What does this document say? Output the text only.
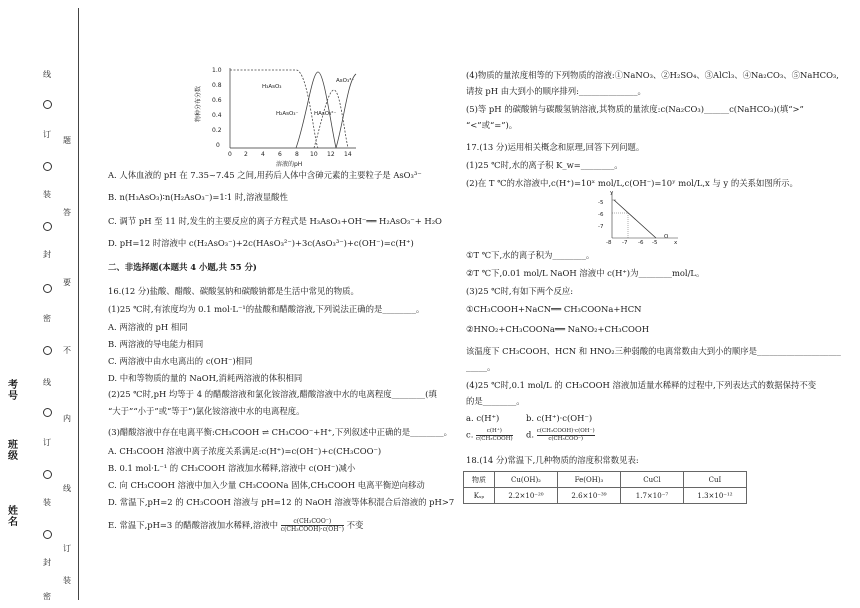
姓名
班级
考号
线
订
装
封
密
线
订
装
封
密
题
答
要
不
内
线
订
装
物种分布分数
1.0
0.8
0.6
0.4
0.2
0
0 2 4 6 8 10 12 14
溶液的pH
H₃AsO₃
AsO₃³⁻
H₂AsO₃⁻	HAsO₃²⁻
A. 人体血液的 pH 在 7.35~7.45 之间,用药后人体中含砷元素的主要粒子是 AsO₃³⁻
B. n(H₃AsO₃)∶n(H₂AsO₃⁻)=1∶1 时,溶液显酸性
C. 调节 pH 至 11 时,发生的主要反应的离子方程式是 H₃AsO₃+OH⁻══ H₂AsO₃⁻+ H₂O
D. pH=12 时溶液中 c(H₂AsO₃⁻)+2c(HAsO₃²⁻)+3c(AsO₃³⁻)+c(OH⁻)=c(H⁺)
二、非选择题(本题共 4 小题,共 55 分)
16.(12 分)盐酸、醋酸、碳酸氢钠和碳酸钠都是生活中常见的物质。
(1)25 ℃时,有浓度均为 0.1 mol·L⁻¹的盐酸和醋酸溶液,下列说法正确的是________。
A. 两溶液的 pH 相同
B. 两溶液的导电能力相同
C. 两溶液中由水电离出的 c(OH⁻)相同
D. 中和等物质的量的 NaOH,消耗两溶液的体积相同
(2)25 ℃时,pH 均等于 4 的醋酸溶液和氯化铵溶液,醋酸溶液中水的电离程度________(填
“大于”“小于”或“等于”)氯化铵溶液中水的电离程度。
(3)醋酸溶液中存在电离平衡:CH₃COOH ⇌ CH₃COO⁻+H⁺,下列叙述中正确的是________。
A. CH₃COOH 溶液中离子浓度关系满足:c(H⁺)=c(OH⁻)+c(CH₃COO⁻)
B. 0.1 mol·L⁻¹ 的 CH₃COOH 溶液加水稀释,溶液中 c(OH⁻)减小
C. 向 CH₃COOH 溶液中加入少量 CH₃COONa 固体,CH₃COOH 电离平衡逆向移动
D. 常温下,pH=2 的 CH₃COOH 溶液与 pH=12 的 NaOH 溶液等体积混合后溶液的 pH>7
E. 常温下,pH=3 的醋酸溶液加水稀释,溶液中	c(CH₃COO⁻)
c(CH₃COOH)·c(OH⁻) 不变
(4)物质的量浓度相等的下列物质的溶液:①NaNO₃、②H₂SO₄、③AlCl₃、④Na₂CO₃、⑤NaHCO₃,
请按 pH 由大到小的顺序排列:______________。
(5)等 pH 的碳酸钠与碳酸氢钠溶液,其物质的量浓度:c(Na₂CO₃)______c(NaHCO₃)(填“>”
“<”或“=”)。
17.(13 分)运用相关概念和原理,回答下列问题。
(1)25 ℃时,水的离子积 K_w=________。
(2)在 T ℃的水溶液中,c(H⁺)=10ˣ mol/L,c(OH⁻)=10ʸ mol/L,x 与 y 的关系如图所示。
y
-5
-6
-7
-8 -7 -6 -5	x
O
①T ℃下,水的离子积为________。
②T ℃下,0.01 mol/L NaOH 溶液中 c(H⁺)为________mol/L。
(3)25 ℃时,有如下两个反应:
①CH₃COOH+NaCN══ CH₃COONa+HCN
②HNO₂+CH₃COONa══ NaNO₂+CH₃COOH
该温度下 CH₃COOH、HCN 和 HNO₂三种弱酸的电离常数由大到小的顺序是____________________
_____。
(4)25 ℃时,0.1 mol/L 的 CH₃COOH 溶液加适量水稀释的过程中,下列表达式的数据保持不变
的是________。
a. c(H⁺)	b. c(H⁺)·c(OH⁻)
c.	c(H⁺)
c(CH₃COOH) d. c(CH₃COOH)·c(OH⁻)
c(CH₃COO⁻)
18.(14 分)常温下,几种物质的溶度积常数见表:
物质	Cu(OH)₂	Fe(OH)₃	CuCl	CuI
Kₛₚ	2.2×10⁻²⁰	2.6×10⁻³⁹	1.7×10⁻⁷	1.3×10⁻¹²
